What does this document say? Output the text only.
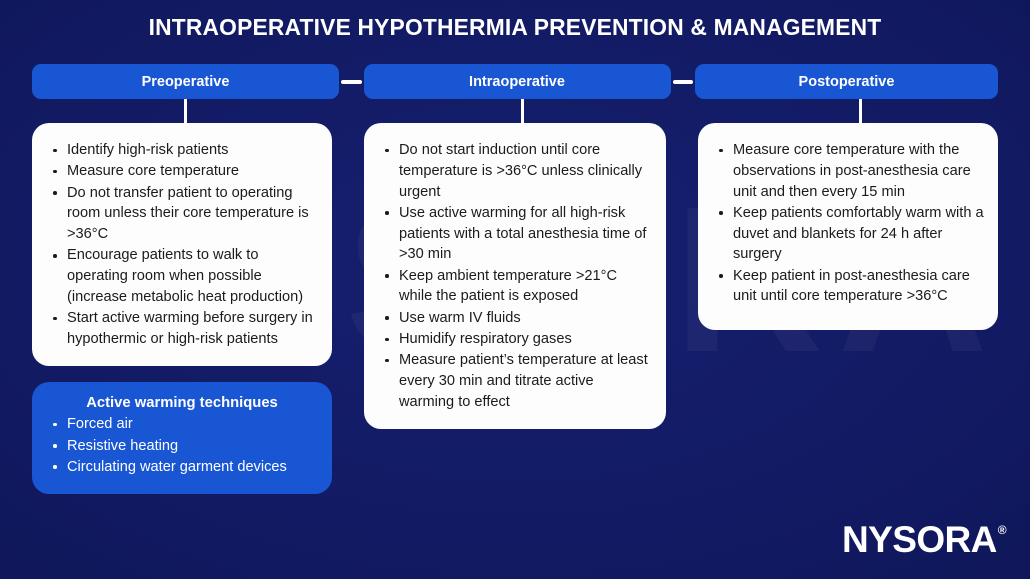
INTRAOPERATIVE HYPOTHERMIA PREVENTION & MANAGEMENT
Preoperative	Intraoperative	Postoperative
Identify high-risk patients
Measure core temperature
Do not transfer patient to operating room unless their core temperature is >36°C
Encourage patients to walk to operating room when possible (increase metabolic heat production)
Start active warming before surgery in hypothermic or high-risk patients
Active warming techniques
Forced air
Resistive heating
Circulating water garment devices
Do not start induction until core temperature is >36°C unless clinically urgent
Use active warming for all high-risk patients with a total anesthesia time of >30 min
Keep ambient temperature >21°C while the patient is exposed
Use warm IV fluids
Humidify respiratory gases
Measure patient’s temperature at least every 30 min and titrate active warming to effect
Measure core temperature with the observations in post-anesthesia care unit and then every 15 min
Keep patients comfortably warm with a duvet and blankets for 24 h after surgery
Keep patient in post-anesthesia care unit until core temperature >36°C
NYSORA ®
